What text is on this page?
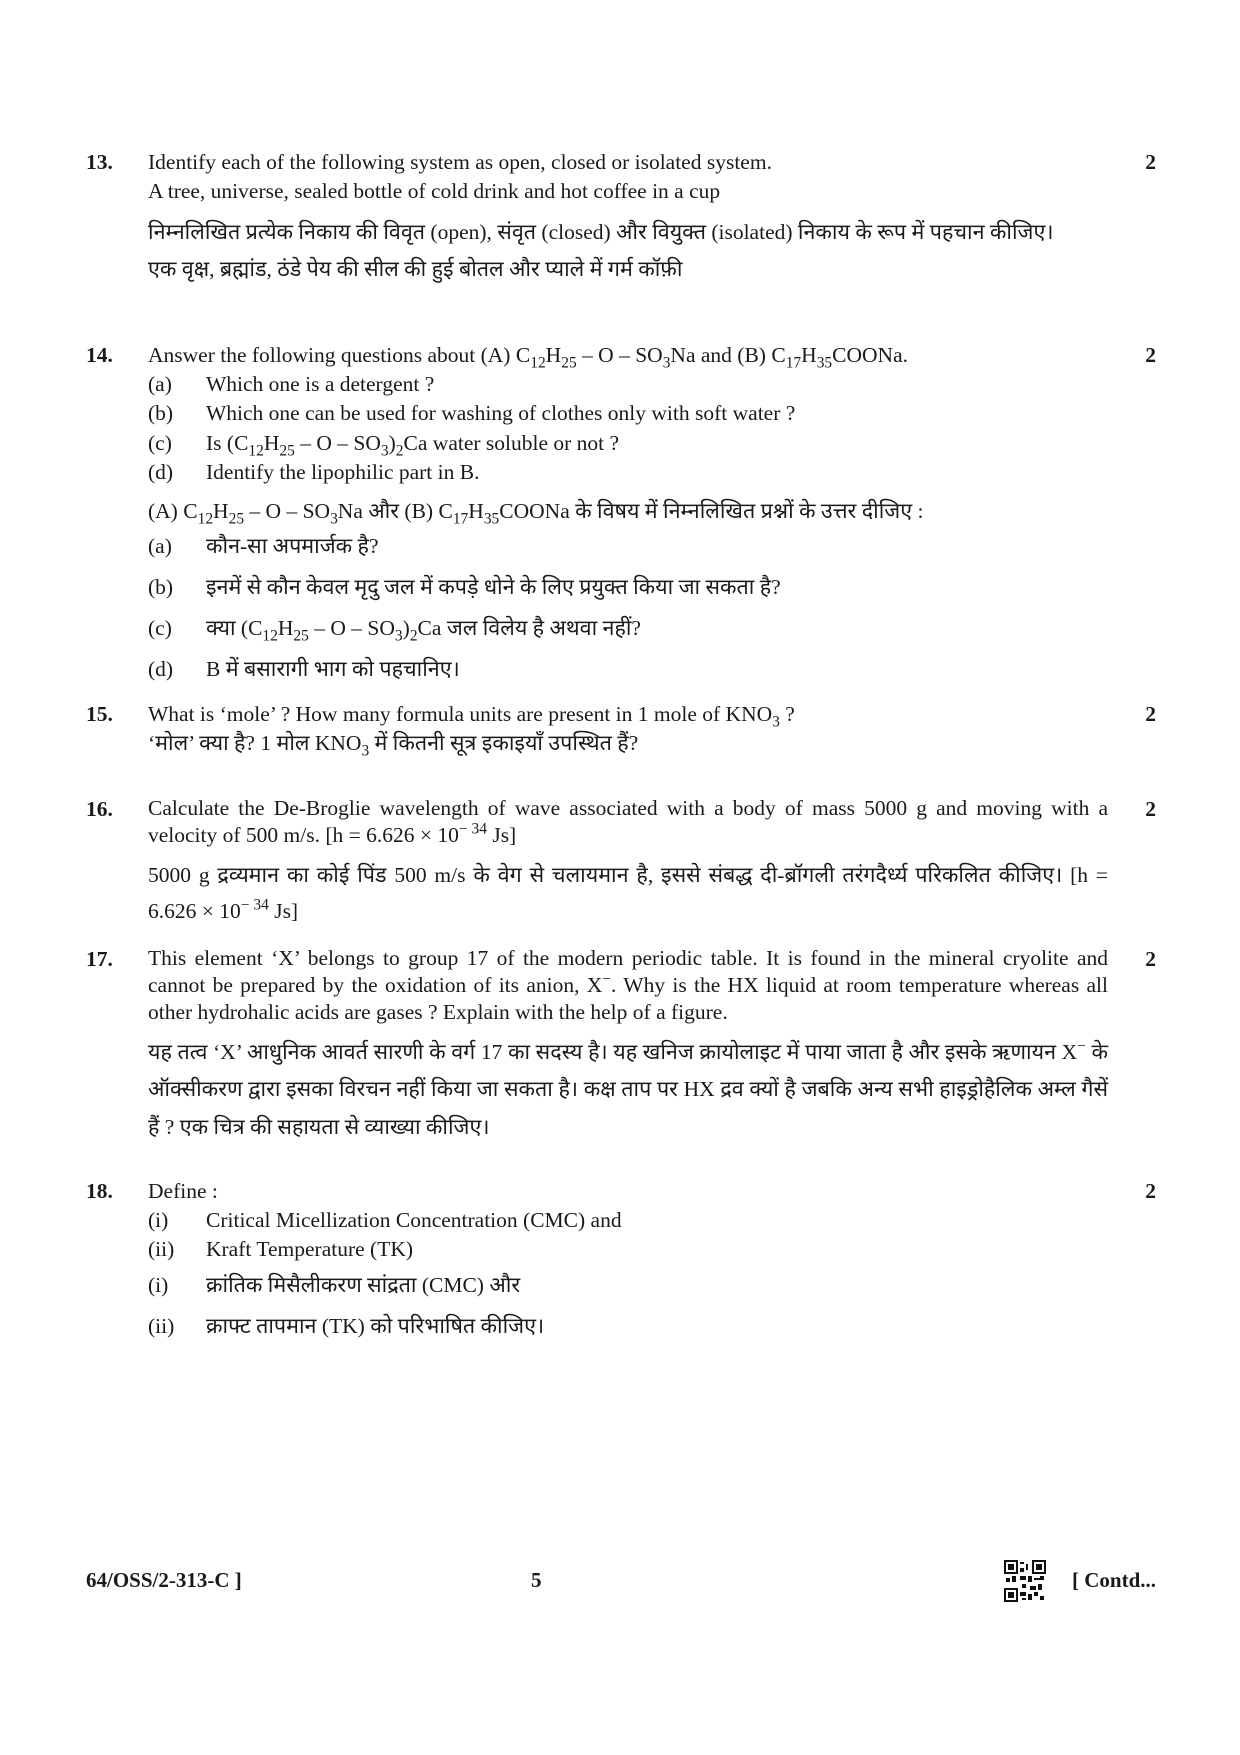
13.	2

Identify each of the following system as open, closed or isolated system.

A tree, universe, sealed bottle of cold drink and hot coffee in a cup

निम्नलिखित प्रत्येक निकाय की विवृत (open), संवृत (closed) और वियुक्त (isolated) निकाय के रूप में पहचान कीजिए।

एक वृक्ष, ब्रह्मांड, ठंडे पेय की सील की हुई बोतल और प्याले में गर्म कॉफ़ी

14.	2

Answer the following questions about (A) $C_{12}H_{25}$ – O – $SO_3Na$ and (B) $C_{17}H_{35}COONa$.

(a)	Which one is a detergent ?

(b)	Which one can be used for washing of clothes only with soft water ?

(c)	Is ($C_{12}H_{25}$ – O – $SO_3)_2Ca$ water soluble or not ?

(d)	Identify the lipophilic part in B.

(A) $C_{12}H_{25}$ – O – $SO_3Na$ और (B) $C_{17}H_{35}COONa$ के विषय में निम्नलिखित प्रश्नों के उत्तर दीजिए :

(a)	कौन-सा अपमार्जक है?

(b)	इनमें से कौन केवल मृदु जल में कपड़े धोने के लिए प्रयुक्त किया जा सकता है?

(c)	क्या ($C_{12}H_{25}$ – O – $SO_3)_2Ca$ जल विलेय है अथवा नहीं?

(d)	B में बसारागी भाग को पहचानिए।

15.	2

What is ‘mole’ ? How many formula units are present in 1 mole of $KNO_3$ ?

‘मोल’ क्या है? 1 मोल $KNO_3$ में कितनी सूत्र इकाइयाँ उपस्थित हैं?

16.	2

Calculate the De-Broglie wavelength of wave associated with a body of mass 5000 g and moving with a velocity of 500 m/s. [$h = 6.626 \times 10^{- 34}$ Js]

5000 g द्रव्यमान का कोई पिंड 500 m/s के वेग से चलायमान है, इससे संबद्ध दी-ब्रॉगली तरंगदैर्ध्य परिकलित कीजिए। [$h = 6.626 \times 10^{- 34}$ Js]

17.	2

This element ‘X’ belongs to group 17 of the modern periodic table. It is found in the mineral cryolite and cannot be prepared by the oxidation of its anion, X−. Why is the HX liquid at room temperature whereas all other hydrohalic acids are gases ? Explain with the help of a figure.

यह तत्व ‘X’ आधुनिक आवर्त सारणी के वर्ग 17 का सदस्य है। यह खनिज क्रायोलाइट में पाया जाता है और इसके ऋणायन X− के ऑक्सीकरण द्वारा इसका विरचन नहीं किया जा सकता है। कक्ष ताप पर HX द्रव क्यों है जबकि अन्य सभी हाइड्रोहैलिक अम्ल गैसें हैं ? एक चित्र की सहायता से व्याख्या कीजिए।

18.	2

Define :

(i)	Critical Micellization Concentration (CMC) and

(ii)	Kraft Temperature (TK)

(i)	क्रांतिक मिसैलीकरण सांद्रता (CMC) और

(ii)	क्राफ्ट तापमान (TK) को परिभाषित कीजिए।

64/OSS/2-313-C ]	5	[ Contd...
